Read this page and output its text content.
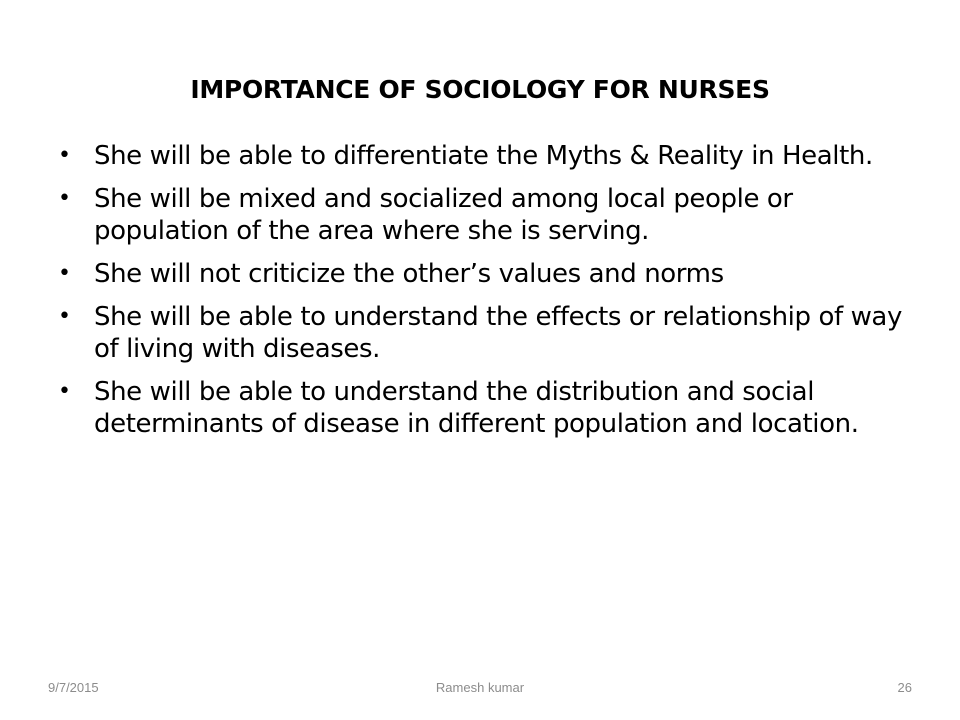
IMPORTANCE OF SOCIOLOGY FOR NURSES
• She will be able to differentiate the Myths & Reality in Health.
• She will be mixed and socialized among local people or population of the area where she is serving.
• She will not criticize the other’s values and norms
• She will be able to understand the effects or relationship of way of living with diseases.
• She will be able to understand the distribution and social determinants of disease in different population and location.
9/7/2015	Ramesh kumar	26
